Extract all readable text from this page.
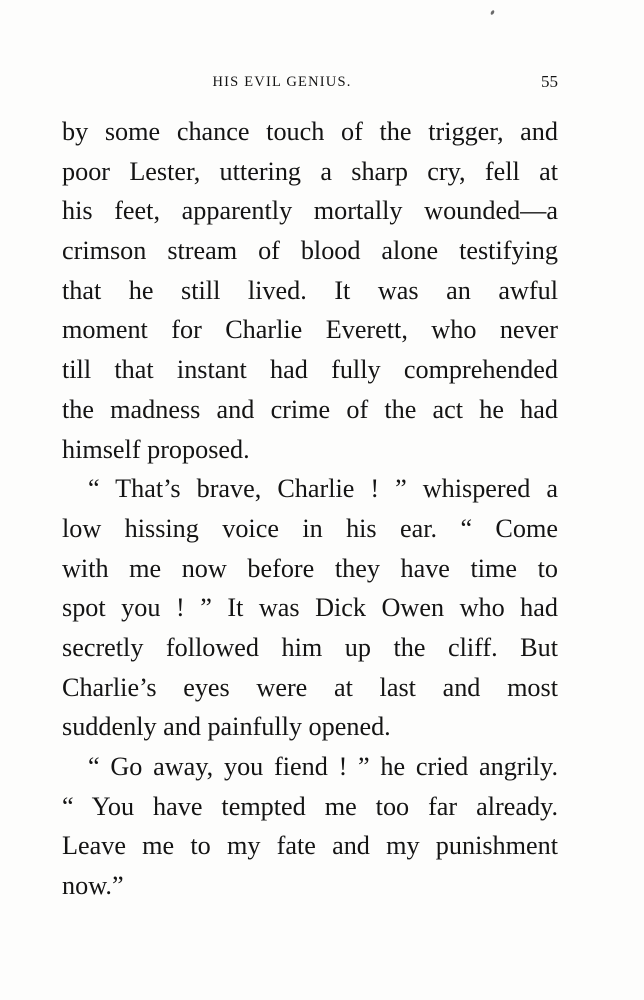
HIS EVIL GENIUS.	55
by some chance touch of the trigger, and
poor Lester, uttering a sharp cry, fell at
his feet, apparently mortally wounded—a
crimson stream of blood alone testifying
that he still lived. It was an awful
moment for Charlie Everett, who never
till that instant had fully comprehended
the madness and crime of the act he had
himself proposed.
“ That’s brave, Charlie ! ” whispered a
low hissing voice in his ear. “ Come
with me now before they have time to
spot you ! ” It was Dick Owen who had
secretly followed him up the cliff. But
Charlie’s eyes were at last and most
suddenly and painfully opened.
“ Go away, you fiend ! ” he cried angrily.
“ You have tempted me too far already.
Leave me to my fate and my punishment
now.”
